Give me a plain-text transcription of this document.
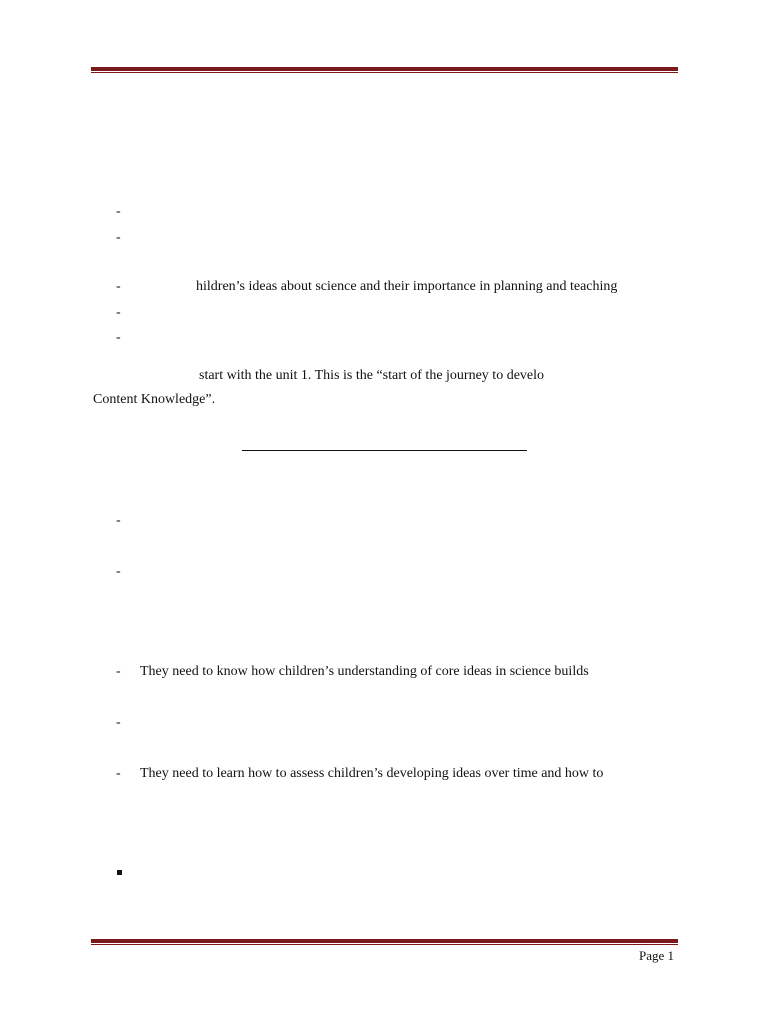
-
-
-	hildren’s ideas about science and their importance in planning and teaching
-
-
start with the unit 1. This is the “start of the journey to develo
Content Knowledge”.
-
-
- They need to know how children’s understanding of core ideas in science builds
-
- They need to learn how to assess children’s developing ideas over time and how to
Page 1
